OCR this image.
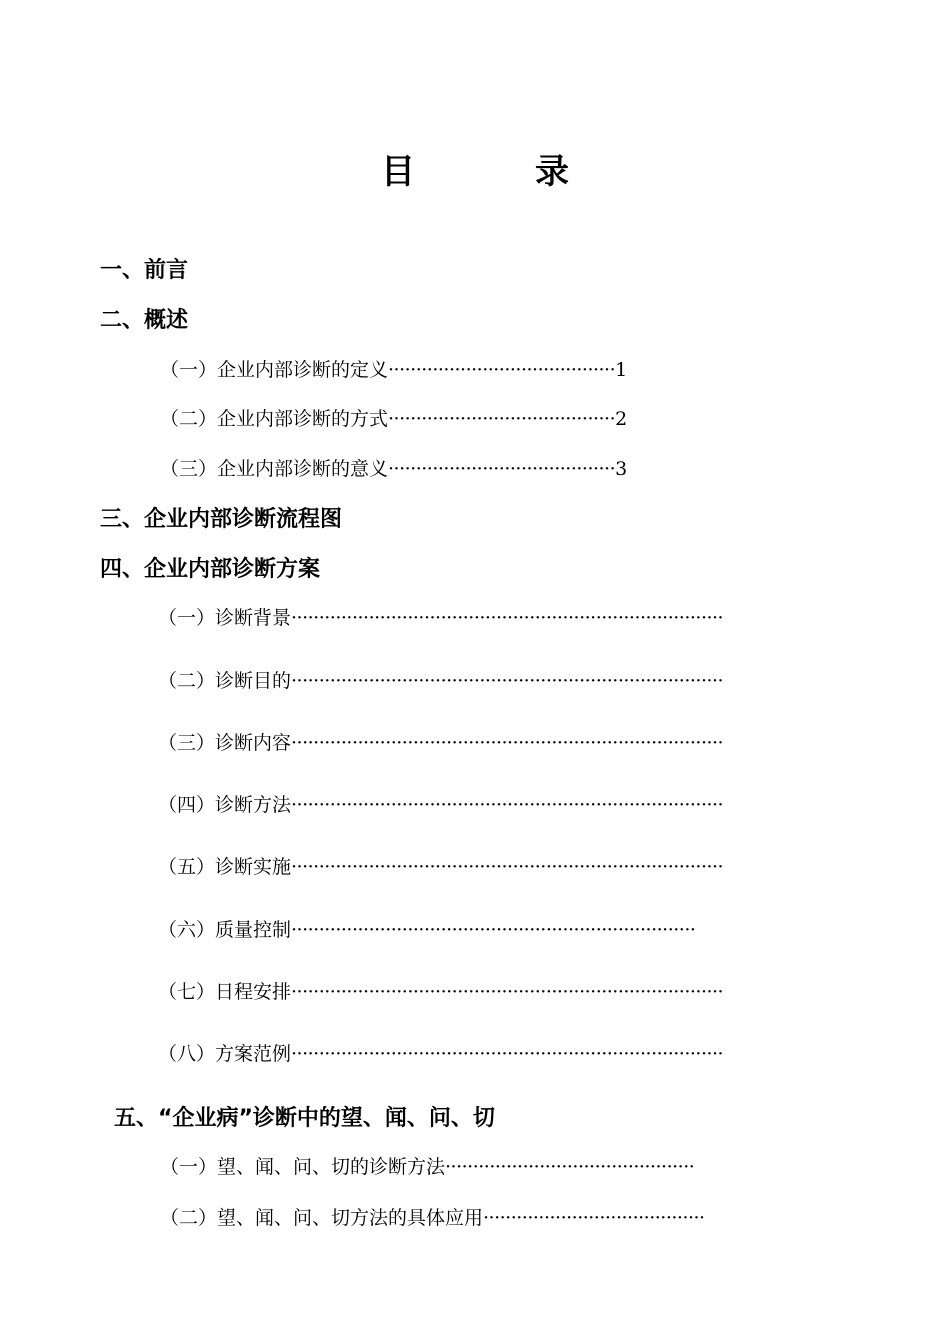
目	录
一、前言
二、概述
（一）企业内部诊断的定义·········································1
（二）企业内部诊断的方式·········································2
（三）企业内部诊断的意义·········································3
三、企业内部诊断流程图
四、企业内部诊断方案
（一）诊断背景··············································································
（二）诊断目的··············································································
（三）诊断内容··············································································
（四）诊断方法··············································································
（五）诊断实施··············································································
（六）质量控制·········································································
（七）日程安排··············································································
（八）方案范例··············································································
五、“企业病”诊断中的望、闻、问、切
（一）望、闻、问、切的诊断方法·············································
（二）望、闻、问、切方法的具体应用········································
